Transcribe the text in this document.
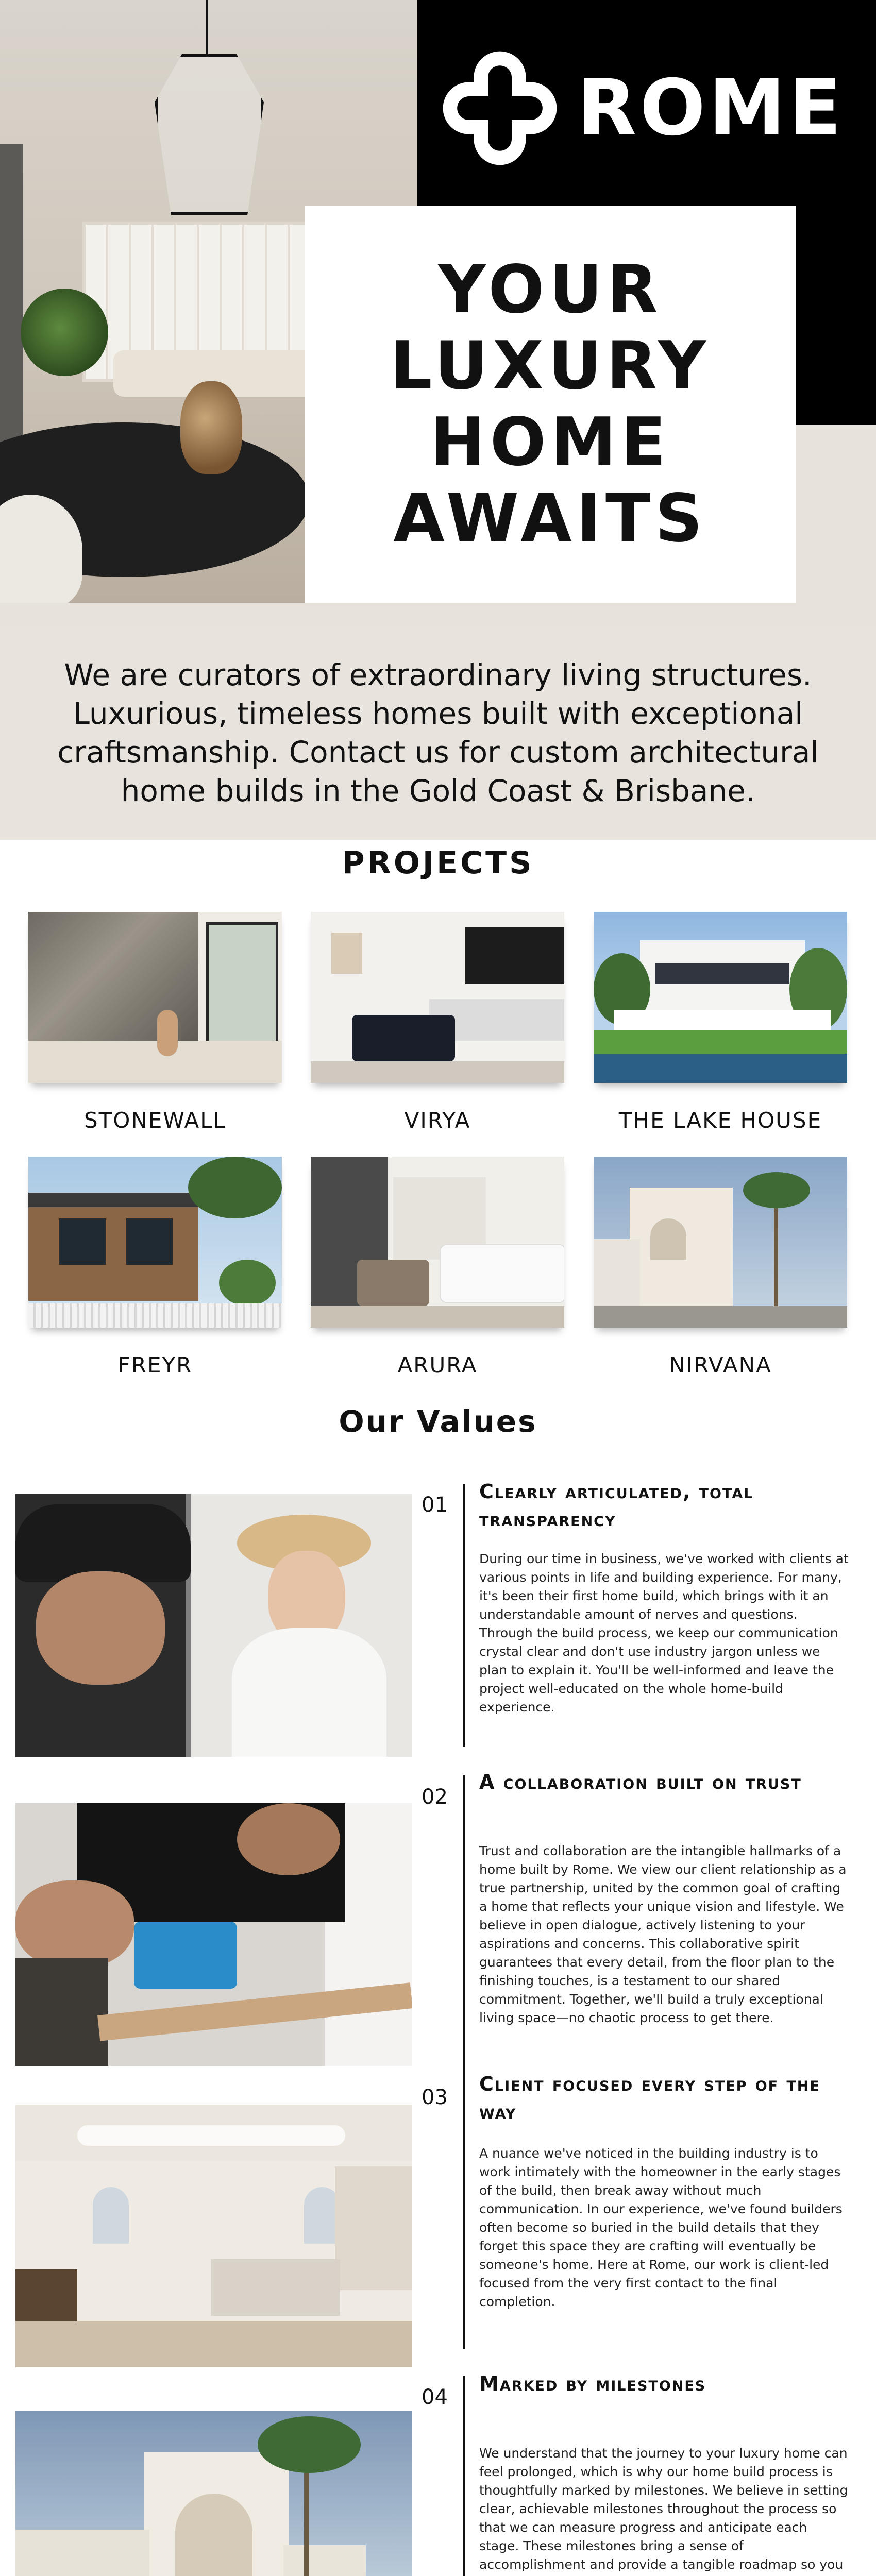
ROME
YOUR
LUXURY
HOME
AWAITS

We are curators of extraordinary living structures. Luxurious, timeless homes built with exceptional craftsmanship. Contact us for custom architectural home builds in the Gold Coast & Brisbane.

PROJECTS
STONEWALL	VIRYA	THE LAKE HOUSE
FREYR	ARURA	NIRVANA
Our Values
01
Clearly articulated, total transparency

During our time in business, we've worked with clients at various points in life and building experience. For many, it's been their first home build, which brings with it an understandable amount of nerves and questions. Through the build process, we keep our communication crystal clear and don't use industry jargon unless we plan to explain it. You'll be well-informed and leave the project well-educated on the whole home-build experience.

02
A collaboration built on trust

Trust and collaboration are the intangible hallmarks of a home built by Rome. We view our client relationship as a true partnership, united by the common goal of crafting a home that reflects your unique vision and lifestyle. We believe in open dialogue, actively listening to your aspirations and concerns. This collaborative spirit guarantees that every detail, from the floor plan to the finishing touches, is a testament to our shared commitment. Together, we'll build a truly exceptional living space—no chaotic process to get there.

03
Client focused every step of the way

A nuance we've noticed in the building industry is to work intimately with the homeowner in the early stages of the build, then break away without much communication. In our experience, we've found builders often become so buried in the build details that they forget this space they are crafting will eventually be someone's home. Here at Rome, our work is client-led focused from the very first contact to the final completion.

04
Marked by milestones

We understand that the journey to your luxury home can feel prolonged, which is why our home build process is thoughtfully marked by milestones. We believe in setting clear, achievable milestones throughout the process so that we can measure progress and anticipate each stage. These milestones bring a sense of accomplishment and provide a tangible roadmap so you
